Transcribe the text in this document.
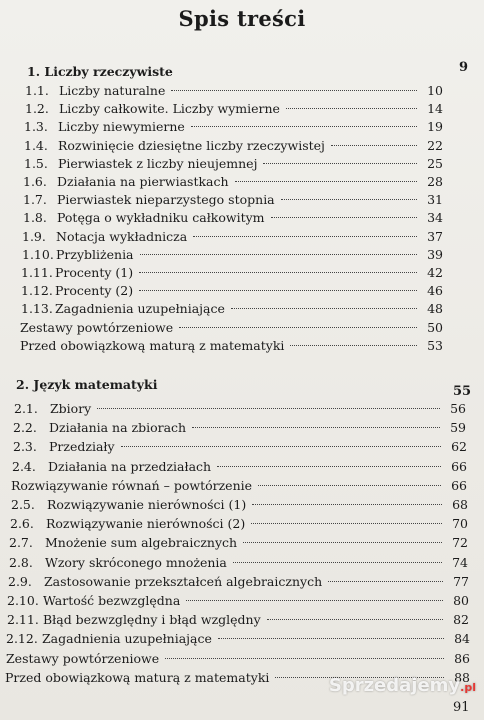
Spis treści
1. Liczby rzeczywiste	9
1.1. Liczby naturalne	10
1.2. Liczby całkowite. Liczby wymierne	14
1.3. Liczby niewymierne	19
1.4. Rozwinięcie dziesiętne liczby rzeczywistej	22
1.5. Pierwiastek z liczby nieujemnej	25
1.6. Działania na pierwiastkach	28
1.7. Pierwiastek nieparzystego stopnia	31
1.8. Potęga o wykładniku całkowitym	34
1.9. Notacja wykładnicza	37
1.10. Przybliżenia	39
1.11. Procenty (1)	42
1.12. Procenty (2)	46
1.13. Zagadnienia uzupełniające	48
Zestawy powtórzeniowe	50
Przed obowiązkową maturą z matematyki	53
2. Język matematyki	55
2.1. Zbiory	56
2.2. Działania na zbiorach	59
2.3. Przedziały	62
2.4. Działania na przedziałach	66
Rozwiązywanie równań – powtórzenie	66
2.5. Rozwiązywanie nierówności (1)	68
2.6. Rozwiązywanie nierówności (2)	70
2.7. Mnożenie sum algebraicznych	72
2.8. Wzory skróconego mnożenia	74
2.9. Zastosowanie przekształceń algebraicznych	77
2.10. Wartość bezwzględna	80
2.11. Błąd bezwzględny i błąd względny	82
2.12. Zagadnienia uzupełniające	84
Zestawy powtórzeniowe	86
Przed obowiązkową maturą z matematyki	88
91
Sprzedajemy.pl
